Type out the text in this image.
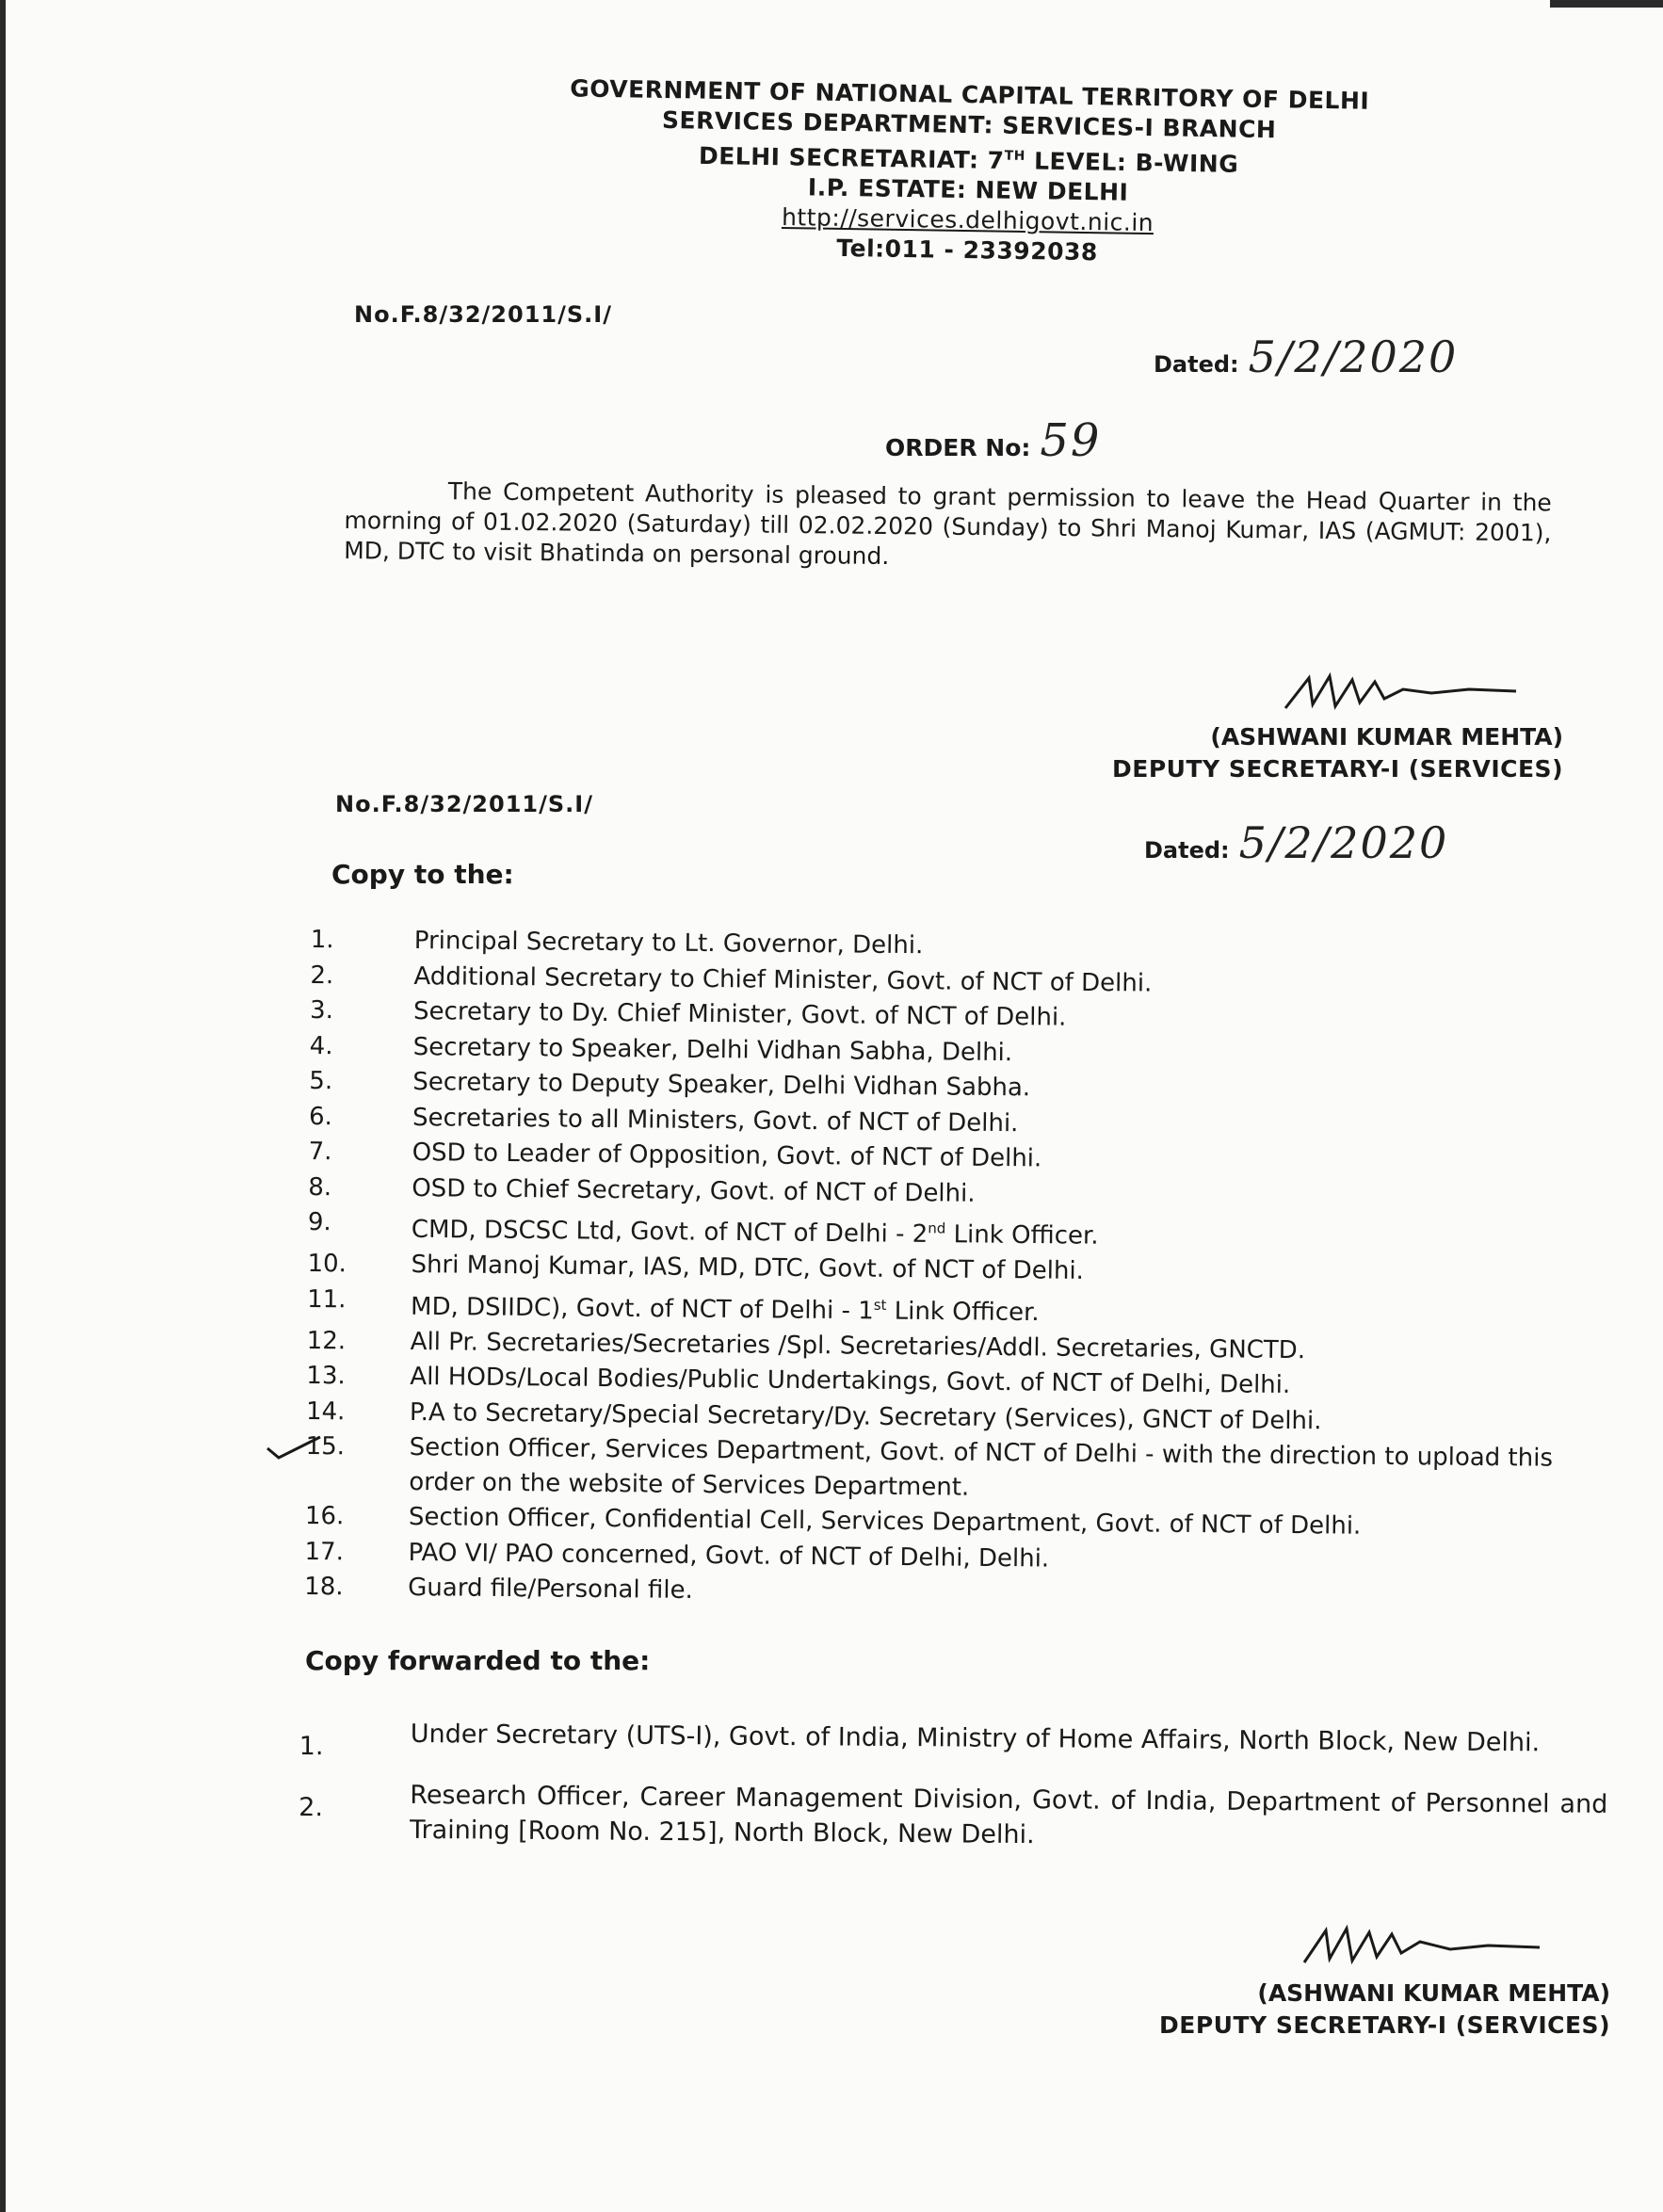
GOVERNMENT OF NATIONAL CAPITAL TERRITORY OF DELHI
SERVICES DEPARTMENT: SERVICES-I BRANCH
DELHI SECRETARIAT: 7TH LEVEL: B-WING
I.P. ESTATE: NEW DELHI
http://services.delhigovt.nic.in
Tel:011 - 23392038
No.F.8/32/2011/S.I/
Dated: 5/2/2020
ORDER No: 59
The Competent Authority is pleased to grant permission to leave the Head Quarter in the morning of 01.02.2020 (Saturday) till 02.02.2020 (Sunday) to Shri Manoj Kumar, IAS (AGMUT: 2001), MD, DTC to visit Bhatinda on personal ground.
(ASHWANI KUMAR MEHTA)
DEPUTY SECRETARY-I (SERVICES)
No.F.8/32/2011/S.I/
Dated: 5/2/2020
Copy to the:
1.	Principal Secretary to Lt. Governor, Delhi.
2.	Additional Secretary to Chief Minister, Govt. of NCT of Delhi.
3.	Secretary to Dy. Chief Minister, Govt. of NCT of Delhi.
4.	Secretary to Speaker, Delhi Vidhan Sabha, Delhi.
5.	Secretary to Deputy Speaker, Delhi Vidhan Sabha.
6.	Secretaries to all Ministers, Govt. of NCT of Delhi.
7.	OSD to Leader of Opposition, Govt. of NCT of Delhi.
8.	OSD to Chief Secretary, Govt. of NCT of Delhi.
9.	CMD, DSCSC Ltd, Govt. of NCT of Delhi - 2nd Link Officer.
10.	Shri Manoj Kumar, IAS, MD, DTC, Govt. of NCT of Delhi.
11.	MD, DSIIDC), Govt. of NCT of Delhi - 1st Link Officer.
12.	All Pr. Secretaries/Secretaries /Spl. Secretaries/Addl. Secretaries, GNCTD.
13.	All HODs/Local Bodies/Public Undertakings, Govt. of NCT of Delhi, Delhi.
14.	P.A to Secretary/Special Secretary/Dy. Secretary (Services), GNCT of Delhi.
15.	Section Officer, Services Department, Govt. of NCT of Delhi - with the direction to upload this order on the website of Services Department.
16.	Section Officer, Confidential Cell, Services Department, Govt. of NCT of Delhi.
17.	PAO VI/ PAO concerned, Govt. of NCT of Delhi, Delhi.
18.	Guard file/Personal file.
Copy forwarded to the:
1.	Under Secretary (UTS-I), Govt. of India, Ministry of Home Affairs, North Block, New Delhi.
2.	Research Officer, Career Management Division, Govt. of India, Department of Personnel and Training [Room No. 215], North Block, New Delhi.
(ASHWANI KUMAR MEHTA)
DEPUTY SECRETARY-I (SERVICES)
